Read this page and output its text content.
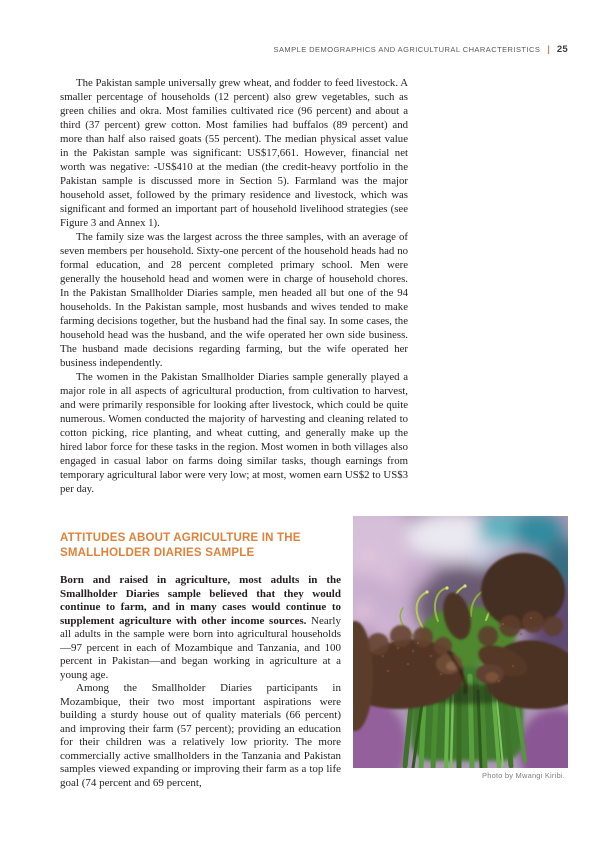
SAMPLE DEMOGRAPHICS AND AGRICULTURAL CHARACTERISTICS | 25

The Pakistan sample universally grew wheat, and fodder to feed livestock. A smaller percentage of households (12 percent) also grew vegetables, such as green chilies and okra. Most families cultivated rice (96 percent) and about a third (37 percent) grew cotton. Most families had buffalos (89 percent) and more than half also raised goats (55 percent). The median physical asset value in the Pakistan sample was significant: US$17,661. However, financial net worth was negative: -US$410 at the median (the credit-heavy portfolio in the Pakistan sample is discussed more in Section 5). Farmland was the major household asset, followed by the primary residence and livestock, which was significant and formed an important part of household livelihood strategies (see Figure 3 and Annex 1).

The family size was the largest across the three samples, with an average of seven members per household. Sixty-one percent of the household heads had no formal education, and 28 percent completed primary school. Men were generally the household head and women were in charge of household chores. In the Pakistan Smallholder Diaries sample, men headed all but one of the 94 households. In the Pakistan sample, most husbands and wives tended to make farming decisions together, but the husband had the final say. In some cases, the household head was the husband, and the wife operated her own side business. The husband made decisions regarding farming, but the wife operated her business independently.

The women in the Pakistan Smallholder Diaries sample generally played a major role in all aspects of agricultural production, from cultivation to harvest, and were primarily responsible for looking after livestock, which could be quite numerous. Women conducted the majority of harvesting and cleaning related to cotton picking, rice planting, and wheat cutting, and generally make up the hired labor force for these tasks in the region. Most women in both villages also engaged in casual labor on farms doing similar tasks, though earnings from temporary agricultural labor were very low; at most, women earn US$2 to US$3 per day.

ATTITUDES ABOUT AGRICULTURE IN THE SMALLHOLDER DIARIES SAMPLE

Born and raised in agriculture, most adults in the Smallholder Diaries sample believed that they would continue to farm, and in many cases would continue to supplement agriculture with other income sources. Nearly all adults in the sample were born into agricultural households—97 percent in each of Mozambique and Tanzania, and 100 percent in Pakistan—and began working in agriculture at a young age.

Among the Smallholder Diaries participants in Mozambique, their two most important aspirations were building a sturdy house out of quality materials (66 percent) and improving their farm (57 percent); providing an education for their children was a relatively low priority. The more commercially active smallholders in the Tanzania and Pakistan samples viewed expanding or improving their farm as a top life goal (74 percent and 69 percent,

Photo by Mwangi Kiribi.
